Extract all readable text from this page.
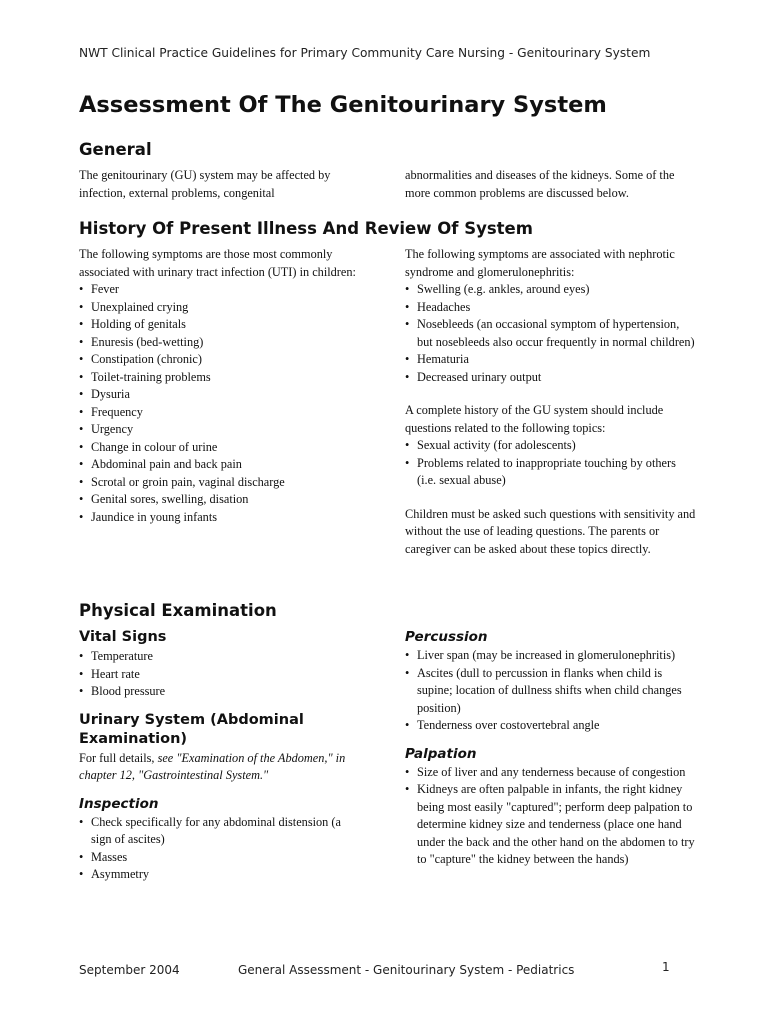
NWT Clinical Practice Guidelines for Primary Community Care Nursing - Genitourinary System
Assessment Of The Genitourinary System
General

The genitourinary (GU) system may be affected by infection, external problems, congenital

abnormalities and diseases of the kidneys. Some of the more common problems are discussed below.

History Of Present Illness And Review Of System

The following symptoms are those most commonly associated with urinary tract infection (UTI) in children:

• Fever
• Unexplained crying
• Holding of genitals
• Enuresis (bed-wetting)
• Constipation (chronic)
• Toilet-training problems
• Dysuria
• Frequency
• Urgency
• Change in colour of urine
• Abdominal pain and back pain
• Scrotal or groin pain, vaginal discharge
• Genital sores, swelling, disation
• Jaundice in young infants

The following symptoms are associated with nephrotic syndrome and glomerulonephritis:

• Swelling (e.g. ankles, around eyes)
• Headaches
• Nosebleeds (an occasional symptom of hypertension, but nosebleeds also occur frequently in normal children)
• Hematuria
• Decreased urinary output

A complete history of the GU system should include questions related to the following topics:

• Sexual activity (for adolescents)
• Problems related to inappropriate touching by others (i.e. sexual abuse)

Children must be asked such questions with sensitivity and without the use of leading questions. The parents or caregiver can be asked about these topics directly.

Physical Examination
Vital Signs
• Temperature
• Heart rate
• Blood pressure
Urinary System (Abdominal Examination)

For full details, see "Examination of the Abdomen," in chapter 12, "Gastrointestinal System."

Inspection
• Check specifically for any abdominal distension (a sign of ascites)
• Masses
• Asymmetry
Percussion
• Liver span (may be increased in glomerulonephritis)
• Ascites (dull to percussion in flanks when child is supine; location of dullness shifts when child changes position)
• Tenderness over costovertebral angle
Palpation
• Size of liver and any tenderness because of congestion
• Kidneys are often palpable in infants, the right kidney being most easily "captured"; perform deep palpation to determine kidney size and tenderness (place one hand under the back and the other hand on the abdomen to try to "capture" the kidney between the hands)
September 2004	General Assessment - Genitourinary System - Pediatrics	1
